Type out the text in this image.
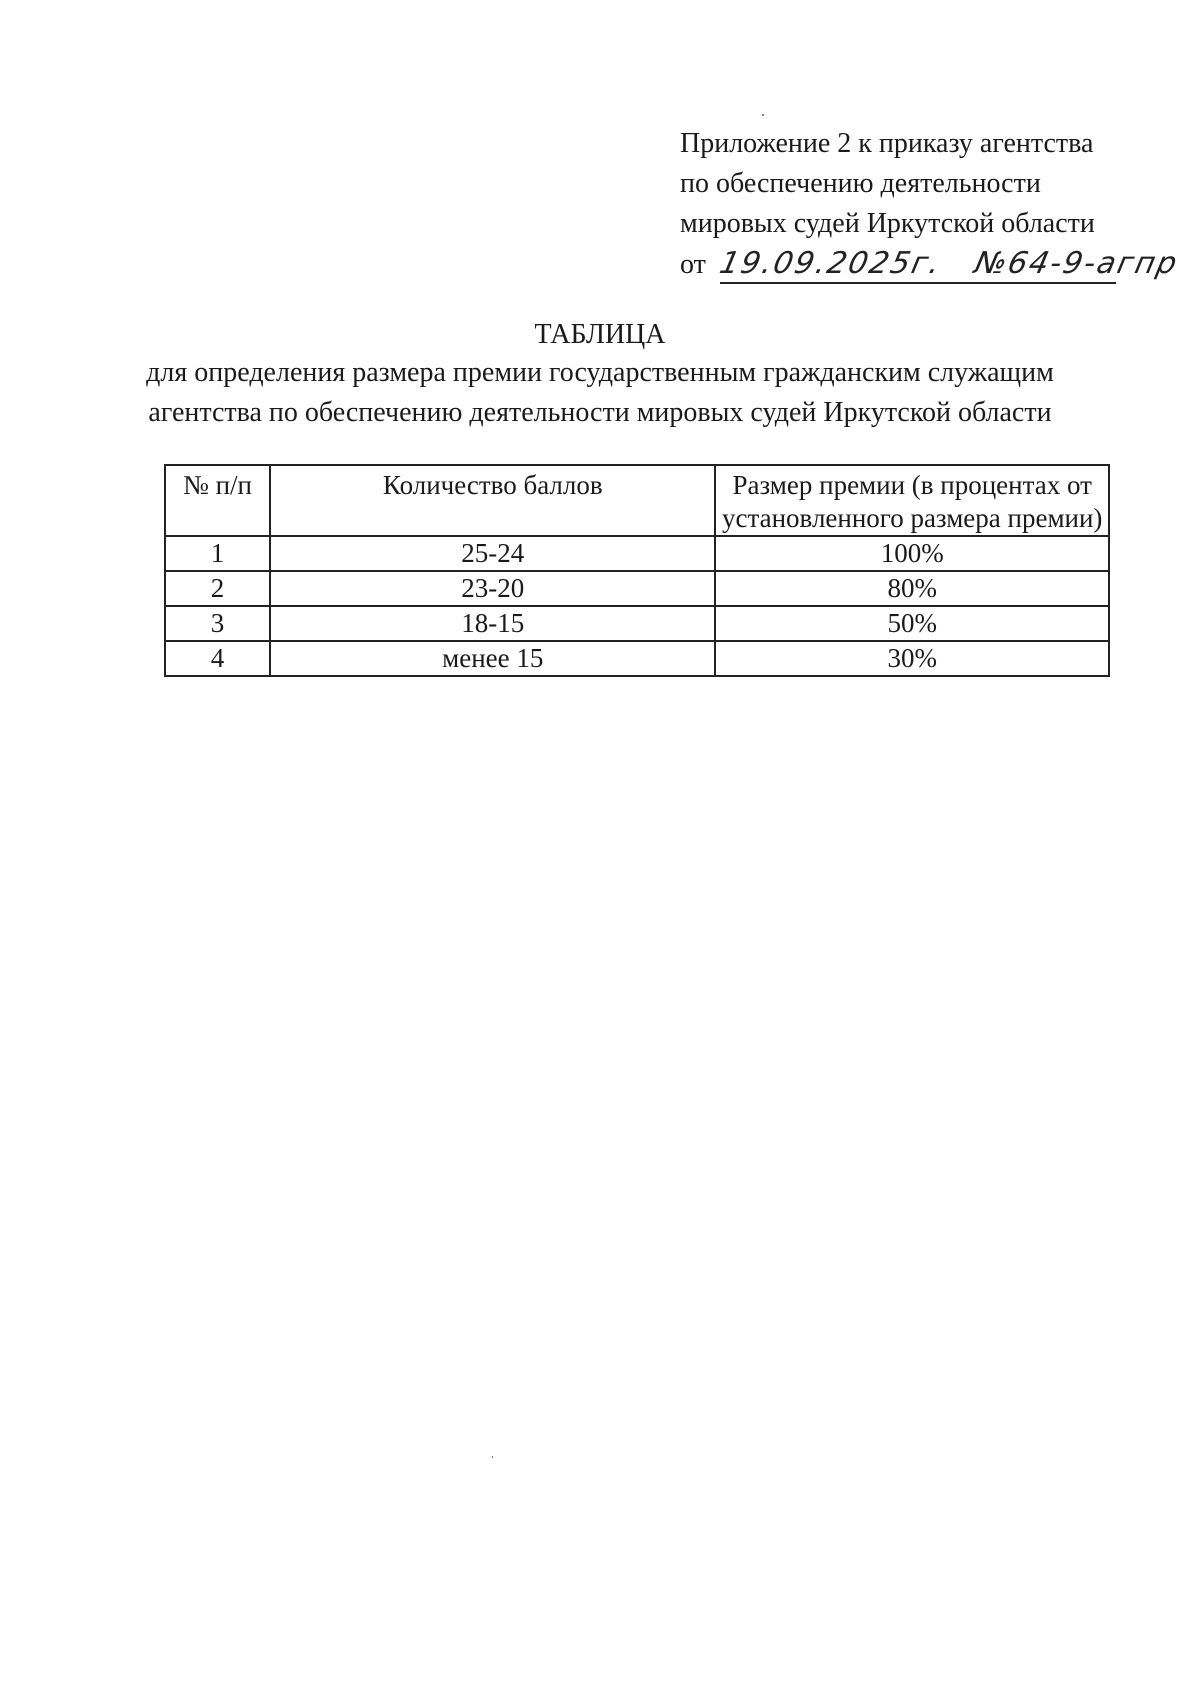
Приложение 2 к приказу агентства
по обеспечению деятельности
мировых судей Иркутской области
от 19.09.2025г. №64-9-агпр
ТАБЛИЦА
для определения размера премии государственным гражданским служащим
агентства по обеспечению деятельности мировых судей Иркутской области
№ п/п	Количество баллов	Размер премии (в процентах от установленного размера премии)
1	25-24	100%
2	23-20	80%
3	18-15	50%
4	менее 15	30%
